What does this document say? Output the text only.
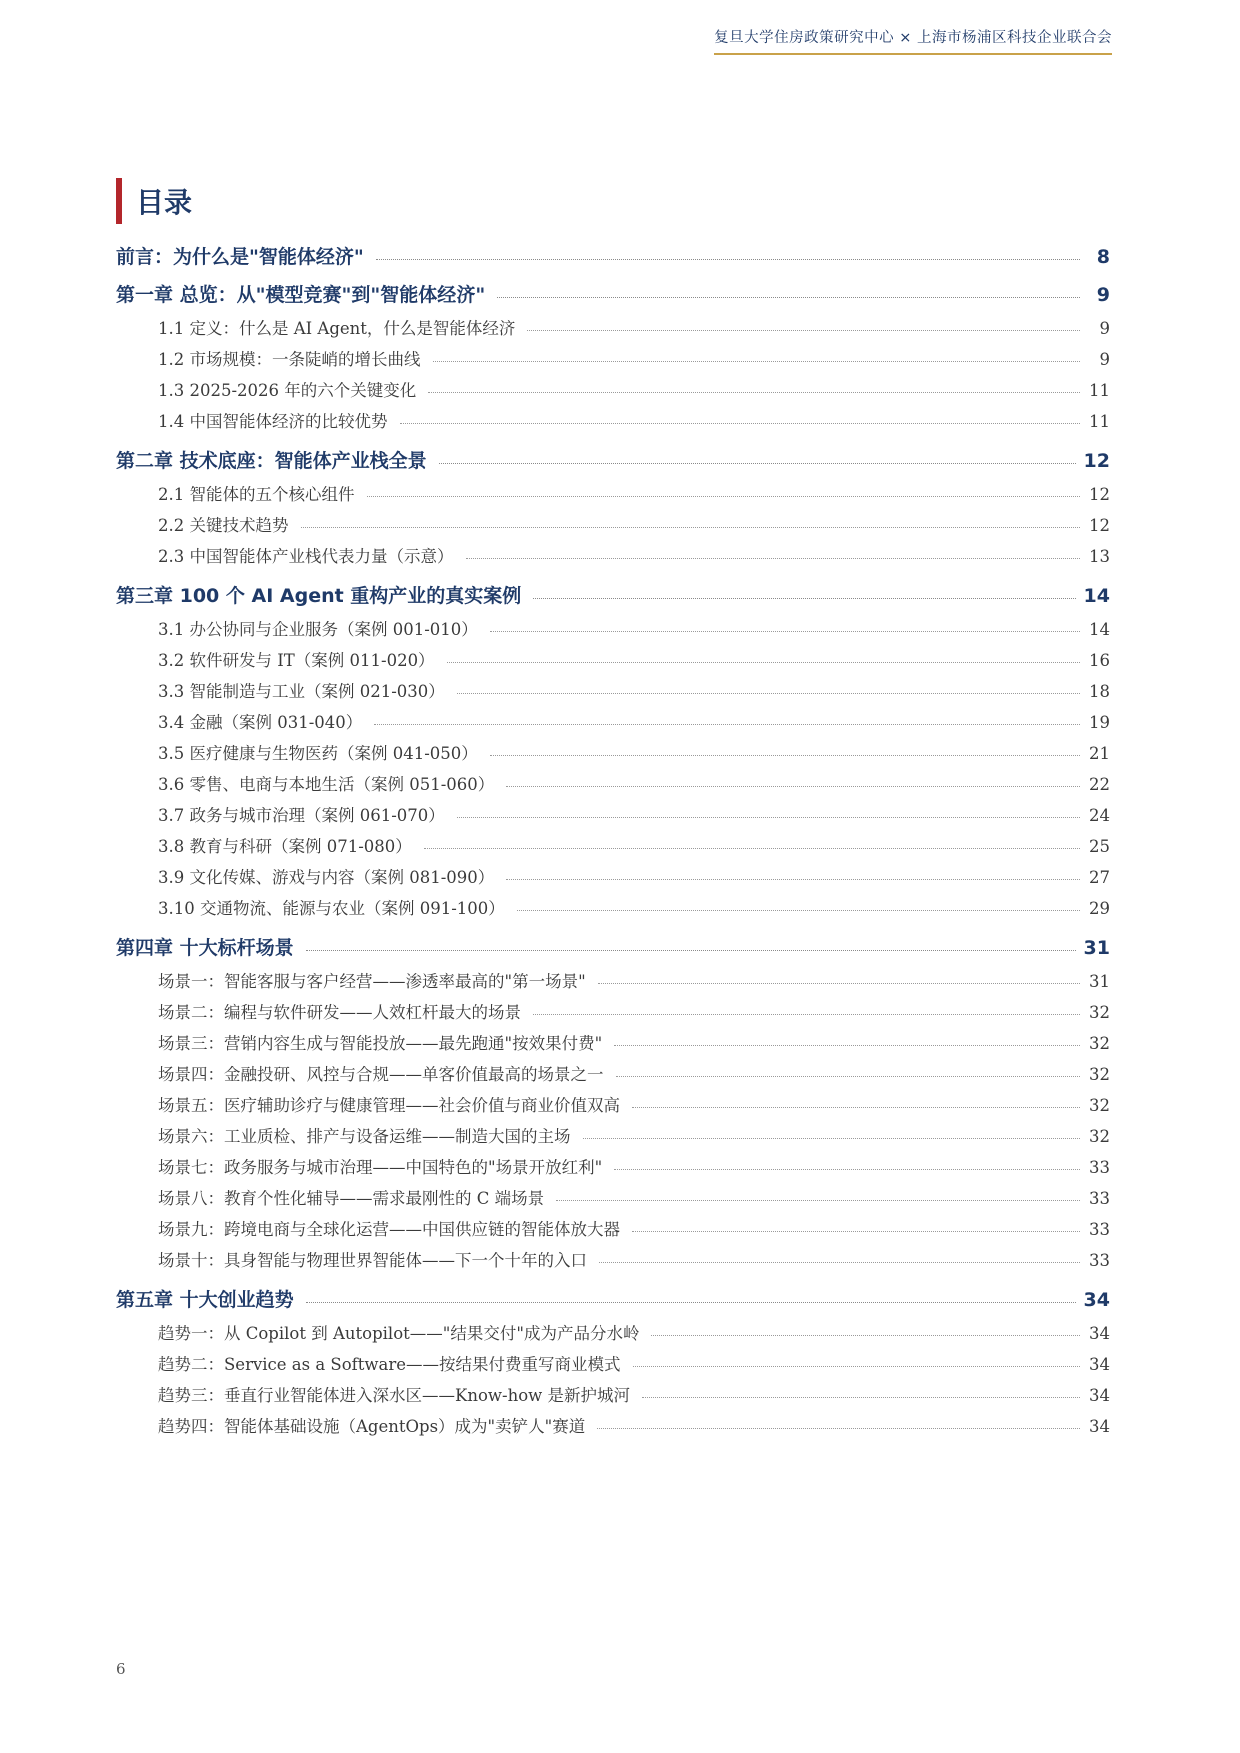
复旦大学住房政策研究中心 × 上海市杨浦区科技企业联合会
目录
前言：为什么是"智能体经济"	8
第一章 总览：从"模型竞赛"到"智能体经济"	9
1.1 定义：什么是 AI Agent，什么是智能体经济	9
1.2 市场规模：一条陡峭的增长曲线	9
1.3 2025-2026 年的六个关键变化	11
1.4 中国智能体经济的比较优势	11
第二章 技术底座：智能体产业栈全景	12
2.1 智能体的五个核心组件	12
2.2 关键技术趋势	12
2.3 中国智能体产业栈代表力量（示意）	13
第三章 100 个 AI Agent 重构产业的真实案例	14
3.1 办公协同与企业服务（案例 001-010）	14
3.2 软件研发与 IT（案例 011-020）	16
3.3 智能制造与工业（案例 021-030）	18
3.4 金融（案例 031-040）	19
3.5 医疗健康与生物医药（案例 041-050）	21
3.6 零售、电商与本地生活（案例 051-060）	22
3.7 政务与城市治理（案例 061-070）	24
3.8 教育与科研（案例 071-080）	25
3.9 文化传媒、游戏与内容（案例 081-090）	27
3.10 交通物流、能源与农业（案例 091-100）	29
第四章 十大标杆场景	31
场景一：智能客服与客户经营——渗透率最高的"第一场景"	31
场景二：编程与软件研发——人效杠杆最大的场景	32
场景三：营销内容生成与智能投放——最先跑通"按效果付费"	32
场景四：金融投研、风控与合规——单客价值最高的场景之一	32
场景五：医疗辅助诊疗与健康管理——社会价值与商业价值双高	32
场景六：工业质检、排产与设备运维——制造大国的主场	32
场景七：政务服务与城市治理——中国特色的"场景开放红利"	33
场景八：教育个性化辅导——需求最刚性的 C 端场景	33
场景九：跨境电商与全球化运营——中国供应链的智能体放大器	33
场景十：具身智能与物理世界智能体——下一个十年的入口	33
第五章 十大创业趋势	34
趋势一：从 Copilot 到 Autopilot——"结果交付"成为产品分水岭	34
趋势二：Service as a Software——按结果付费重写商业模式	34
趋势三：垂直行业智能体进入深水区——Know-how 是新护城河	34
趋势四：智能体基础设施（AgentOps）成为"卖铲人"赛道	34
6
